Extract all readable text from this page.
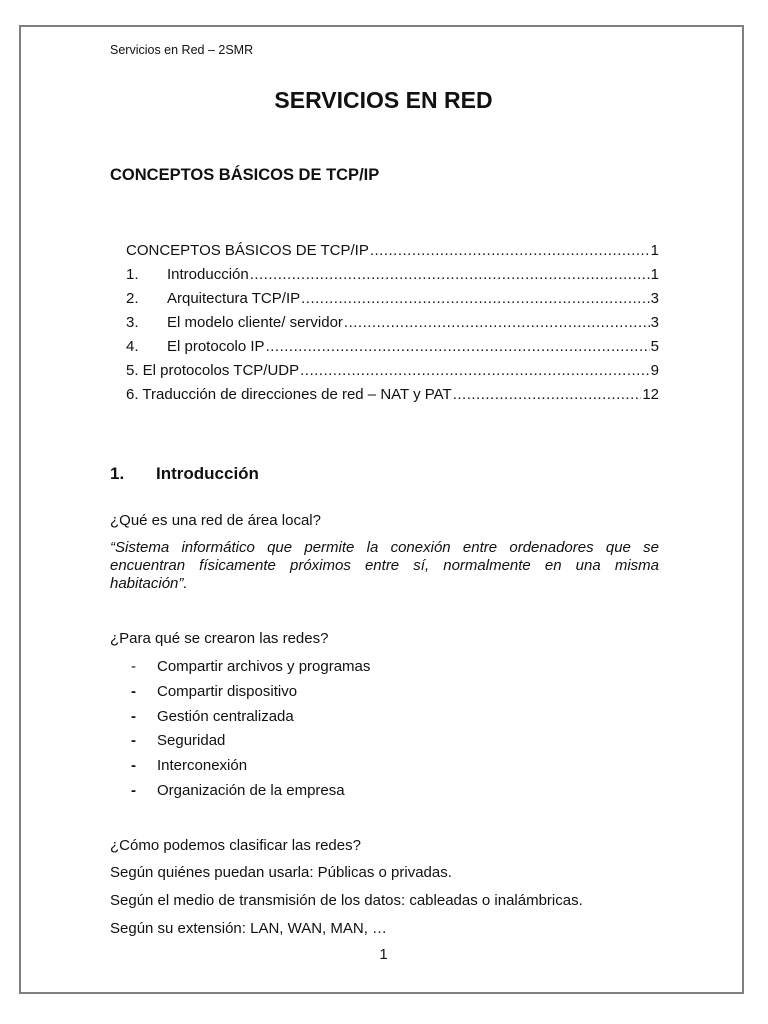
Servicios en Red – 2SMR
SERVICIOS EN RED
CONCEPTOS BÁSICOS DE TCP/IP
CONCEPTOS BÁSICOS DE TCP/IP .....	1
1.	Introducción .....	1
2.	Arquitectura TCP/IP .....	3
3.	El modelo cliente/ servidor .....	3
4.	El protocolo IP .....	5
5. El protocolos TCP/UDP .....	9
6. Traducción de direcciones de red – NAT y PAT .....	12
1. Introducción
¿Qué es una red de área local?
“Sistema informático que permite la conexión entre ordenadores que se encuentran físicamente próximos entre sí, normalmente en una misma habitación”.
¿Para qué se crearon las redes?
-	Compartir archivos y programas
-	Compartir dispositivo
-	Gestión centralizada
-	Seguridad
-	Interconexión
-	Organización de la empresa
¿Cómo podemos clasificar las redes?
Según quiénes puedan usarla: Públicas o privadas.
Según el medio de transmisión de los datos: cableadas o inalámbricas.
Según su extensión: LAN, WAN, MAN, …
1
